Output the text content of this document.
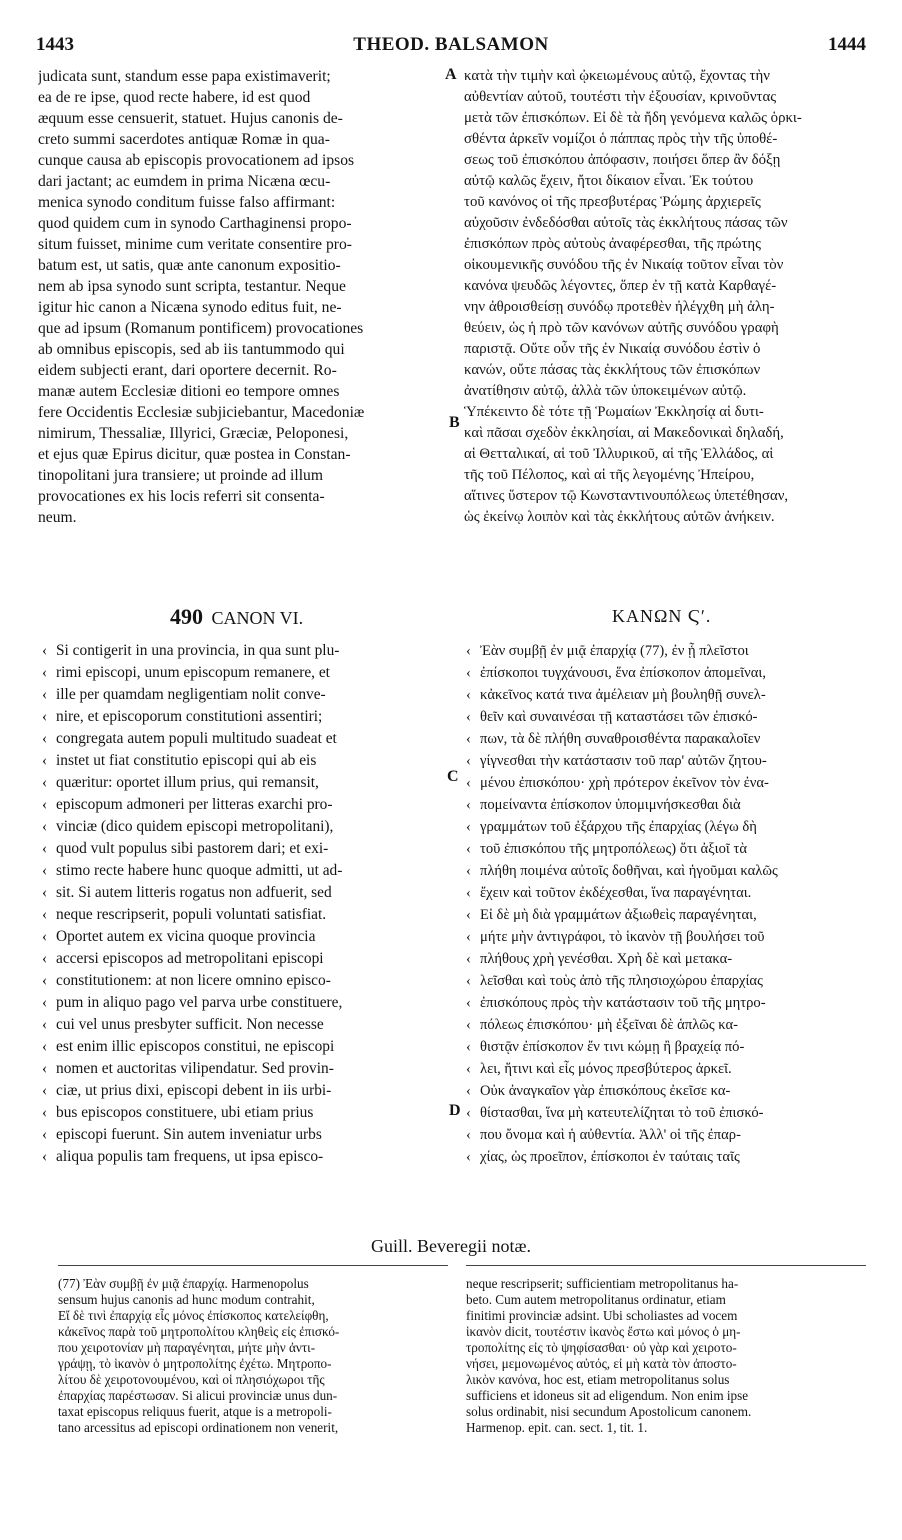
1443	THEOD. BALSAMON	1444
A
B
C
D
judicata sunt, standum esse papa existimaverit;
ea de re ipse, quod recte habere, id est quod
æquum esse censuerit, statuet. Hujus canonis de-
creto summi sacerdotes antiquæ Romæ in qua-
cunque causa ab episcopis provocationem ad ipsos
dari jactant; ac eumdem in prima Nicæna œcu-
menica synodo conditum fuisse falso affirmant:
quod quidem cum in synodo Carthaginensi propo-
situm fuisset, minime cum veritate consentire pro-
batum est, ut satis, quæ ante canonum expositio-
nem ab ipsa synodo sunt scripta, testantur. Neque
igitur hic canon a Nicæna synodo editus fuit, ne-
que ad ipsum (Romanum pontificem) provocationes
ab omnibus episcopis, sed ab iis tantummodo qui
eidem subjecti erant, dari oportere decernit. Ro-
manæ autem Ecclesiæ ditioni eo tempore omnes
fere Occidentis Ecclesiæ subjiciebantur, Macedoniæ
nimirum, Thessaliæ, Illyrici, Græciæ, Peloponesi,
et ejus quæ Epirus dicitur, quæ postea in Constan-
tinopolitani jura transiere; ut proinde ad illum
provocationes ex his locis referri sit consenta-
neum.
κατὰ τὴν τιμὴν καὶ ᾠκειωμένους αὐτῷ, ἔχοντας τὴν
αὐθεντίαν αὐτοῦ, τουτέστι τὴν ἐξουσίαν, κρινοῦντας
μετὰ τῶν ἐπισκόπων. Εἰ δὲ τὰ ἤδη γενόμενα καλῶς ὁρκι-
σθέντα ἀρκεῖν νομίζοι ὁ πάππας πρὸς τὴν τῆς ὑποθέ-
σεως τοῦ ἐπισκόπου ἀπόφασιν, ποιήσει ὅπερ ἂν δόξῃ
αὐτῷ καλῶς ἔχειν, ἤτοι δίκαιον εἶναι. Ἐκ τούτου
τοῦ κανόνος οἱ τῆς πρεσβυτέρας Ῥώμης ἀρχιερεῖς
αὐχοῦσιν ἐνδεδόσθαι αὐτοῖς τὰς ἐκκλήτους πάσας τῶν
ἐπισκόπων πρὸς αὐτοὺς ἀναφέρεσθαι, τῆς πρώτης
οἰκουμενικῆς συνόδου τῆς ἐν Νικαίᾳ τοῦτον εἶναι τὸν
κανόνα ψευδῶς λέγοντες, ὅπερ ἐν τῇ κατὰ Καρθαγέ-
νην ἀθροισθείσῃ συνόδῳ προτεθὲν ἠλέγχθη μὴ ἀλη-
θεύειν, ὡς ἡ πρὸ τῶν κανόνων αὐτῆς συνόδου γραφὴ
παριστᾷ. Οὔτε οὖν τῆς ἐν Νικαίᾳ συνόδου ἐστὶν ὁ
κανών, οὔτε πάσας τὰς ἐκκλήτους τῶν ἐπισκόπων
ἀνατίθησιν αὐτῷ, ἀλλὰ τῶν ὑποκειμένων αὐτῷ.
Ὑπέκειντο δὲ τότε τῇ Ῥωμαίων Ἐκκλησίᾳ αἱ δυτι-
καὶ πᾶσαι σχεδὸν ἐκκλησίαι, αἱ Μακεδονικαὶ δηλαδή,
αἱ Θετταλικαί, αἱ τοῦ Ἰλλυρικοῦ, αἱ τῆς Ἑλλάδος, αἱ
τῆς τοῦ Πέλοπος, καὶ αἱ τῆς λεγομένης Ἠπείρου,
αἵτινες ὕστερον τῷ Κωνσταντινουπόλεως ὑπετέθησαν,
ὡς ἐκείνῳ λοιπὸν καὶ τὰς ἐκκλήτους αὐτῶν ἀνήκειν.
490 CANON VI.	ΚΑΝΩΝ Ϛʹ.
‹ Si contigerit in una provincia, in qua sunt plu-
‹ rimi episcopi, unum episcopum remanere, et
‹ ille per quamdam negligentiam nolit conve-
‹ nire, et episcoporum constitutioni assentiri;
‹ congregata autem populi multitudo suadeat et
‹ instet ut fiat constitutio episcopi qui ab eis
‹ quæritur: oportet illum prius, qui remansit,
‹ episcopum admoneri per litteras exarchi pro-
‹ vinciæ (dico quidem episcopi metropolitani),
‹ quod vult populus sibi pastorem dari; et exi-
‹ stimo recte habere hunc quoque admitti, ut ad-
‹ sit. Si autem litteris rogatus non adfuerit, sed
‹ neque rescripserit, populi voluntati satisfiat.
‹ Oportet autem ex vicina quoque provincia
‹ accersi episcopos ad metropolitani episcopi
‹ constitutionem: at non licere omnino episco-
‹ pum in aliquo pago vel parva urbe constituere,
‹ cui vel unus presbyter sufficit. Non necesse
‹ est enim illic episcopos constitui, ne episcopi
‹ nomen et auctoritas vilipendatur. Sed provin-
‹ ciæ, ut prius dixi, episcopi debent in iis urbi-
‹ bus episcopos constituere, ubi etiam prius
‹ episcopi fuerunt. Sin autem inveniatur urbs
‹ aliqua populis tam frequens, ut ipsa episco-
‹ Ἐὰν συμβῇ ἐν μιᾷ ἐπαρχίᾳ (77), ἐν ᾗ πλεῖστοι
‹ ἐπίσκοποι τυγχάνουσι, ἕνα ἐπίσκοπον ἀπομεῖναι,
‹ κἀκεῖνος κατά τινα ἀμέλειαν μὴ βουληθῇ συνελ-
‹ θεῖν καὶ συναινέσαι τῇ καταστάσει τῶν ἐπισκό-
‹ πων, τὰ δὲ πλήθη συναθροισθέντα παρακαλοῖεν
‹ γίγνεσθαι τὴν κατάστασιν τοῦ παρ' αὐτῶν ζητου-
‹ μένου ἐπισκόπου· χρὴ πρότερον ἐκεῖνον τὸν ἐνα-
‹ πομείναντα ἐπίσκοπον ὑπομιμνήσκεσθαι διὰ
‹ γραμμάτων τοῦ ἐξάρχου τῆς ἐπαρχίας (λέγω δὴ
‹ τοῦ ἐπισκόπου τῆς μητροπόλεως) ὅτι ἀξιοῖ τὰ
‹ πλήθη ποιμένα αὐτοῖς δοθῆναι, καὶ ἡγοῦμαι καλῶς
‹ ἔχειν καὶ τοῦτον ἐκδέχεσθαι, ἵνα παραγένηται.
‹ Εἰ δὲ μὴ διὰ γραμμάτων ἀξιωθεὶς παραγένηται,
‹ μήτε μὴν ἀντιγράφοι, τὸ ἱκανὸν τῇ βουλήσει τοῦ
‹ πλήθους χρὴ γενέσθαι. Χρὴ δὲ καὶ μετακα-
‹ λεῖσθαι καὶ τοὺς ἀπὸ τῆς πλησιοχώρου ἐπαρχίας
‹ ἐπισκόπους πρὸς τὴν κατάστασιν τοῦ τῆς μητρο-
‹ πόλεως ἐπισκόπου· μὴ ἐξεῖναι δὲ ἁπλῶς κα-
‹ θιστᾷν ἐπίσκοπον ἔν τινι κώμῃ ἢ βραχείᾳ πό-
‹ λει, ἥτινι καὶ εἷς μόνος πρεσβύτερος ἀρκεῖ.
‹ Οὐκ ἀναγκαῖον γὰρ ἐπισκόπους ἐκεῖσε κα-
‹ θίστασθαι, ἵνα μὴ κατευτελίζηται τὸ τοῦ ἐπισκό-
‹ που ὄνομα καὶ ἡ αὐθεντία. Ἀλλ' οἱ τῆς ἐπαρ-
‹ χίας, ὡς προεῖπον, ἐπίσκοποι ἐν ταύταις ταῖς
Guill. Beveregii notæ.
(77) Ἐὰν συμβῇ ἐν μιᾷ ἐπαρχίᾳ. Harmenopolus
sensum hujus canonis ad hunc modum contrahit,
Εἴ δὲ τινὶ ἐπαρχίᾳ εἷς μόνος ἐπίσκοπος κατελείφθη,
κἀκεῖνος παρὰ τοῦ μητροπολίτου κληθεὶς εἰς ἐπισκό-
που χειροτονίαν μὴ παραγένηται, μήτε μὴν ἀντι-
γράψῃ, τὸ ἱκανὸν ὁ μητροπολίτης ἐχέτω. Μητροπο-
λίτου δὲ χειροτονουμένου, καὶ οἱ πλησιόχωροι τῆς
ἐπαρχίας παρέστωσαν. Si alicui provinciæ unus dun-
taxat episcopus reliquus fuerit, atque is a metropoli-
tano arcessitus ad episcopi ordinationem non venerit,
neque rescripserit; sufficientiam metropolitanus ha-
beto. Cum autem metropolitanus ordinatur, etiam
finitimi provinciæ adsint. Ubi scholiastes ad vocem
ἱκανὸν dicit, τουτέστιν ἱκανὸς ἔστω καὶ μόνος ὁ μη-
τροπολίτης εἰς τὸ ψηφίσασθαι· οὐ γὰρ καὶ χειροτο-
νήσει, μεμονωμένος αὐτός, εἰ μὴ κατὰ τὸν ἀποστο-
λικὸν κανόνα, hoc est, etiam metropolitanus solus
sufficiens et idoneus sit ad eligendum. Non enim ipse
solus ordinabit, nisi secundum Apostolicum canonem.
Harmenop. epit. can. sect. 1, tit. 1.
